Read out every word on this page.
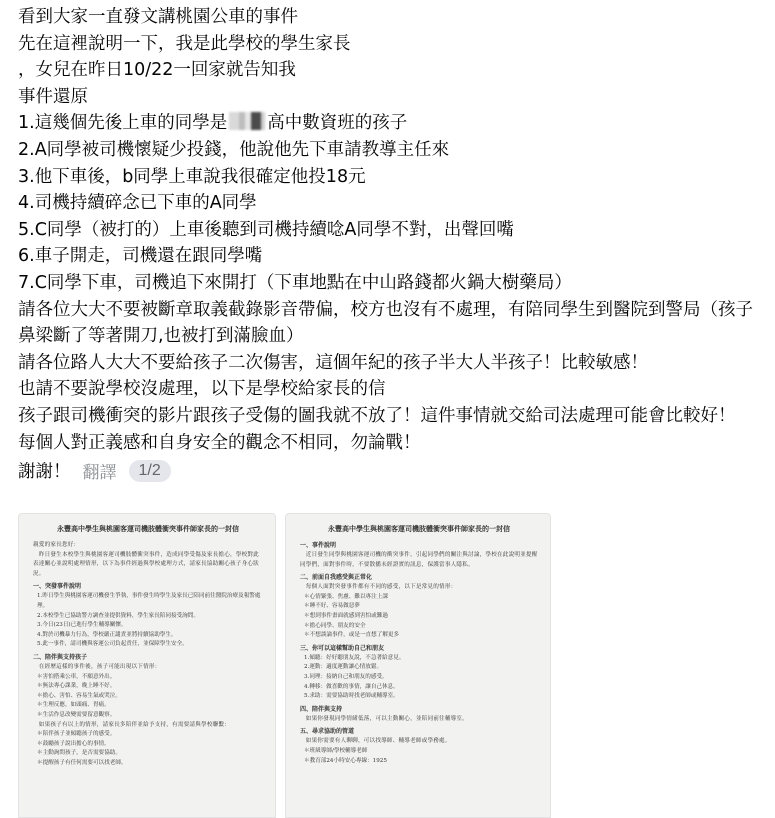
看到大家一直發文講桃園公車的事件
先在這裡說明一下，我是此學校的學生家長
，女兒在昨日10/22一回家就告知我
事件還原
1.這幾個先後上車的同學是 高中數資班的孩子
2.A同學被司機懷疑少投錢，他說他先下車請教導主任來
3.他下車後，b同學上車說我很確定他投18元
4.司機持續碎念已下車的A同學
5.C同學（被打的）上車後聽到司機持續唸A同學不對，出聲回嘴
6.車子開走，司機還在跟同學嘴
7.C同學下車，司機追下來開打（下車地點在中山路錢都火鍋大樹藥局）
請各位大大不要被斷章取義截錄影音帶偏，校方也沒有不處理，有陪同學生到醫院到警局（孩子鼻梁斷了等著開刀,也被打到滿臉血）
請各位路人大大不要給孩子二次傷害，這個年紀的孩子半大人半孩子！比較敏感！
也請不要說學校沒處理，以下是學校給家長的信
孩子跟司機衝突的影片跟孩子受傷的圖我就不放了！這件事情就交給司法處理可能會比較好！
每個人對正義感和自身安全的觀念不相同，勿論戰！
謝謝！ 翻譯	1/2
永豐高中學生與桃園客運司機肢體衝突事件師家長的一封信
親愛的家長您好：
　昨日發生本校學生與桃園客運司機肢體衝突事件，造成同學受傷及家長擔心，學校對此表達關心並說明處理情形，以下為事件經過與學校處理方式，請家長協助關心孩子身心狀況。
一、突發事件說明
1.昨日學生與桃園客運司機發生爭執，事件發生時學生及家長已陪同前往醫院治療及報警處理。
2.本校學生已協助警方調查並提供資料，學生家長陪同接受詢問。
3.今日(23日)已進行學生輔導關懷。
4.對於司機暴力行為，學校嚴正譴責並將持續協助學生。
5.此一事件，請司機與客運公司負起責任，並保障學生安全。
二、陪伴與支持孩子
　在經歷這樣的事件後，孩子可能出現以下情形：
＊害怕搭乘公車，不願意外出。
＊無法專心課業，晚上睡不好。
＊擔心、害怕、容易生氣或哭泣。
＊生理反應，如頭痛、胃痛。
＊生活作息改變需要留意觀察。
　如果孩子有以上的情形，請家長多陪伴並給予支持，有需要請與學校聯繫：
＊陪伴孩子並傾聽孩子的感受。
＊鼓勵孩子說出擔心的事情。
＊主動詢問孩子，是否需要協助。
＊提醒孩子有任何需要可以找老師。
永豐高中學生與桃園客運司機肢體衝突事件師家長的一封信
一、事件說明
　近日發生同學與桃園客運司機的衝突事件，引起同學們的關注與討論，學校在此說明並提醒同學們，面對事件時，不要散播未經證實的訊息，保護當事人隱私。
二、前面自我感受與正常化
　每個人面對突發事件都有不同的感受，以下是常見的情形：
＊心情緊張、焦慮、難以專注上課
＊睡不好、容易做惡夢
＊想到事件畫面就感到害怕或難過
＊擔心同學、朋友的安全
＊不想談論事件，或是一直想了解更多
三、你可以這樣幫助自己和朋友
1.傾聽：好好聽朋友說，不急著給意見。
2.運動：適度運動讓心情放鬆。
3.同理：接納自己和朋友的感受。
4.轉移：做喜歡的事情，讓自己休息。
5.求助：需要協助時找老師或輔導室。
四、陪伴與支持
　如果你發現同學情緒低落，可以主動關心，並陪同前往輔導室。
五、尋求協助的管道
　如果你需要有人聊聊，可以找導師、輔導老師或學務處。
＊班級導師/學校輔導老師
＊教育部24小時安心專線：1925
